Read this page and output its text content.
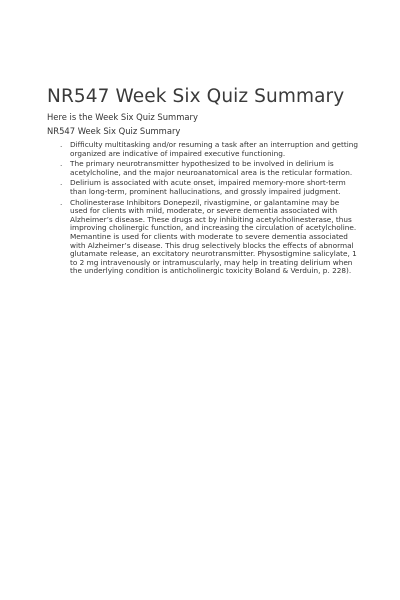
NR547 Week Six Quiz Summary

Here is the Week Six Quiz Summary

NR547 Week Six Quiz Summary

. Difficulty multitasking and/or resuming a task after an interruption and getting organized are indicative of impaired executive functioning.
. The primary neurotransmitter hypothesized to be involved in delirium is acetylcholine, and the major neuroanatomical area is the reticular formation.
. Delirium is associated with acute onset, impaired memory-more short-term than long-term, prominent hallucinations, and grossly impaired judgment.
. Cholinesterase Inhibitors Donepezil, rivastigmine, or galantamine may be used for clients with mild, moderate, or severe dementia associated with Alzheimer’s disease. These drugs act by inhibiting acetylcholinesterase, thus improving cholinergic function, and increasing the circulation of acetylcholine. Memantine is used for clients with moderate to severe dementia associated with Alzheimer’s disease. This drug selectively blocks the effects of abnormal glutamate release, an excitatory neurotransmitter. Physostigmine salicylate, 1 to 2 mg intravenously or intramuscularly, may help in treating delirium when the underlying condition is anticholinergic toxicity Boland & Verduin, p. 228).
